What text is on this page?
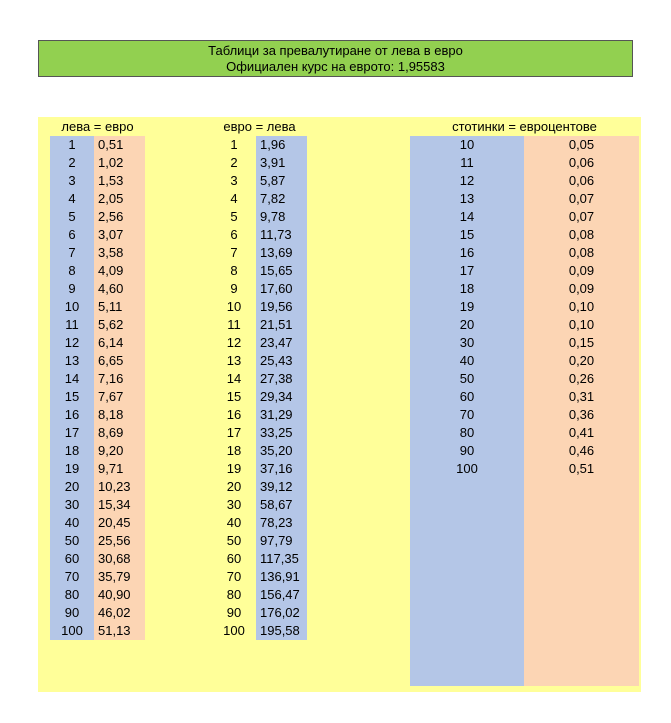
Таблици за превалутиране от лева в евро
Официален курс на еврото: 1,95583
лева = евро	евро = лева	стотинки = евроцентове
1
2
3
4
5
6
7
8
9
10
11
12
13
14
15
16
17
18
19
20
30
40
50
60
70
80
90
100
0,51
1,02
1,53
2,05
2,56
3,07
3,58
4,09
4,60
5,11
5,62
6,14
6,65
7,16
7,67
8,18
8,69
9,20
9,71
10,23
15,34
20,45
25,56
30,68
35,79
40,90
46,02
51,13
1
2
3
4
5
6
7
8
9
10
11
12
13
14
15
16
17
18
19
20
30
40
50
60
70
80
90
100
1,96
3,91
5,87
7,82
9,78
11,73
13,69
15,65
17,60
19,56
21,51
23,47
25,43
27,38
29,34
31,29
33,25
35,20
37,16
39,12
58,67
78,23
97,79
117,35
136,91
156,47
176,02
195,58
10
11
12
13
14
15
16
17
18
19
20
30
40
50
60
70
80
90
100
0,05
0,06
0,06
0,07
0,07
0,08
0,08
0,09
0,09
0,10
0,10
0,15
0,20
0,26
0,31
0,36
0,41
0,46
0,51
